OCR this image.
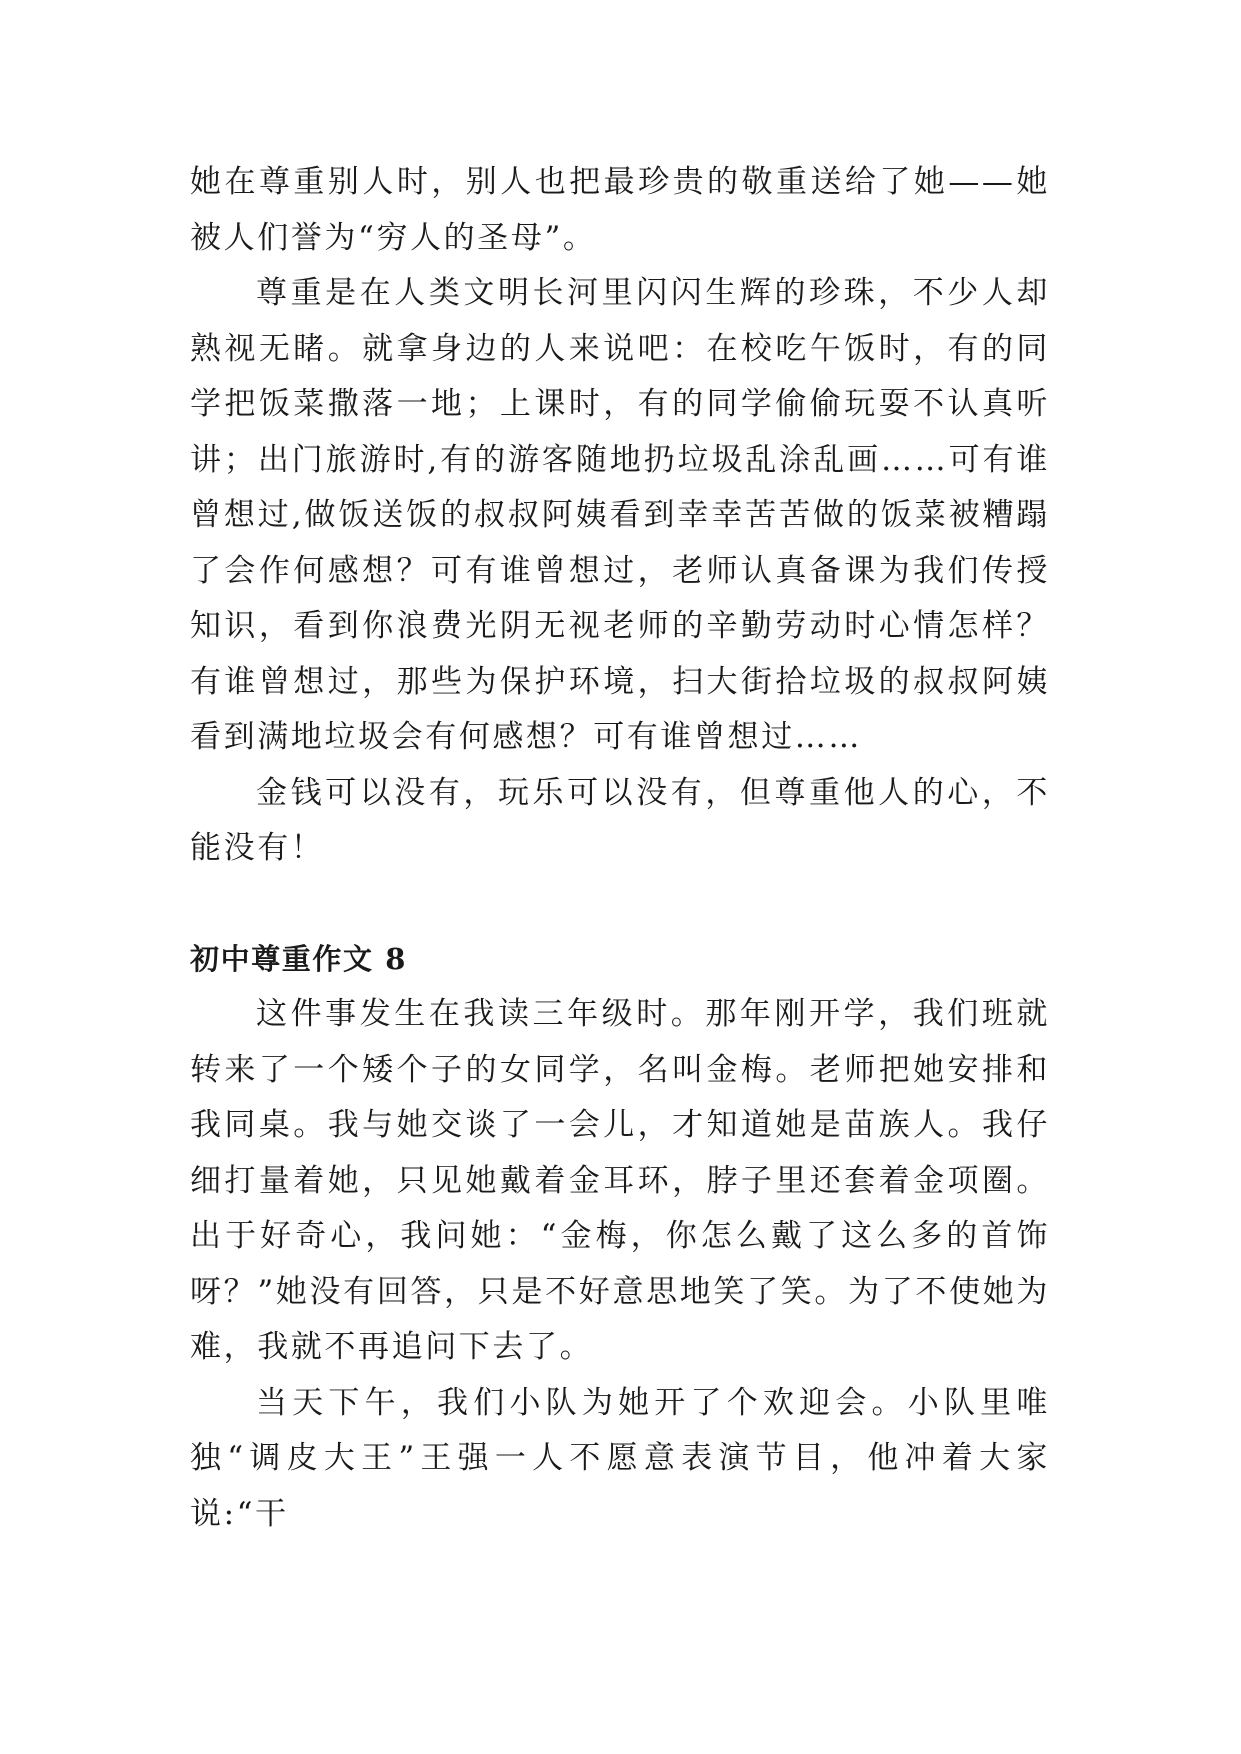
她在尊重别人时，别人也把最珍贵的敬重送给了她——她被人们誉为“穷人的圣母”。

尊重是在人类文明长河里闪闪生辉的珍珠，不少人却熟视无睹。就拿身边的人来说吧：在校吃午饭时，有的同学把饭菜撒落一地；上课时，有的同学偷偷玩耍不认真听讲；出门旅游时,有的游客随地扔垃圾乱涂乱画……可有谁曾想过,做饭送饭的叔叔阿姨看到幸幸苦苦做的饭菜被糟蹋了会作何感想？可有谁曾想过，老师认真备课为我们传授知识，看到你浪费光阴无视老师的辛勤劳动时心情怎样？有谁曾想过，那些为保护环境，扫大街拾垃圾的叔叔阿姨看到满地垃圾会有何感想？可有谁曾想过……

金钱可以没有，玩乐可以没有，但尊重他人的心，不能没有！

初中尊重作文 8

这件事发生在我读三年级时。那年刚开学，我们班就转来了一个矮个子的女同学，名叫金梅。老师把她安排和我同桌。我与她交谈了一会儿，才知道她是苗族人。我仔细打量着她，只见她戴着金耳环，脖子里还套着金项圈。出于好奇心，我问她：“金梅，你怎么戴了这么多的首饰呀？”她没有回答，只是不好意思地笑了笑。为了不使她为难，我就不再追问下去了。

当天下午，我们小队为她开了个欢迎会。小队里唯独“调皮大王”王强一人不愿意表演节目，他冲着大家说:“干
